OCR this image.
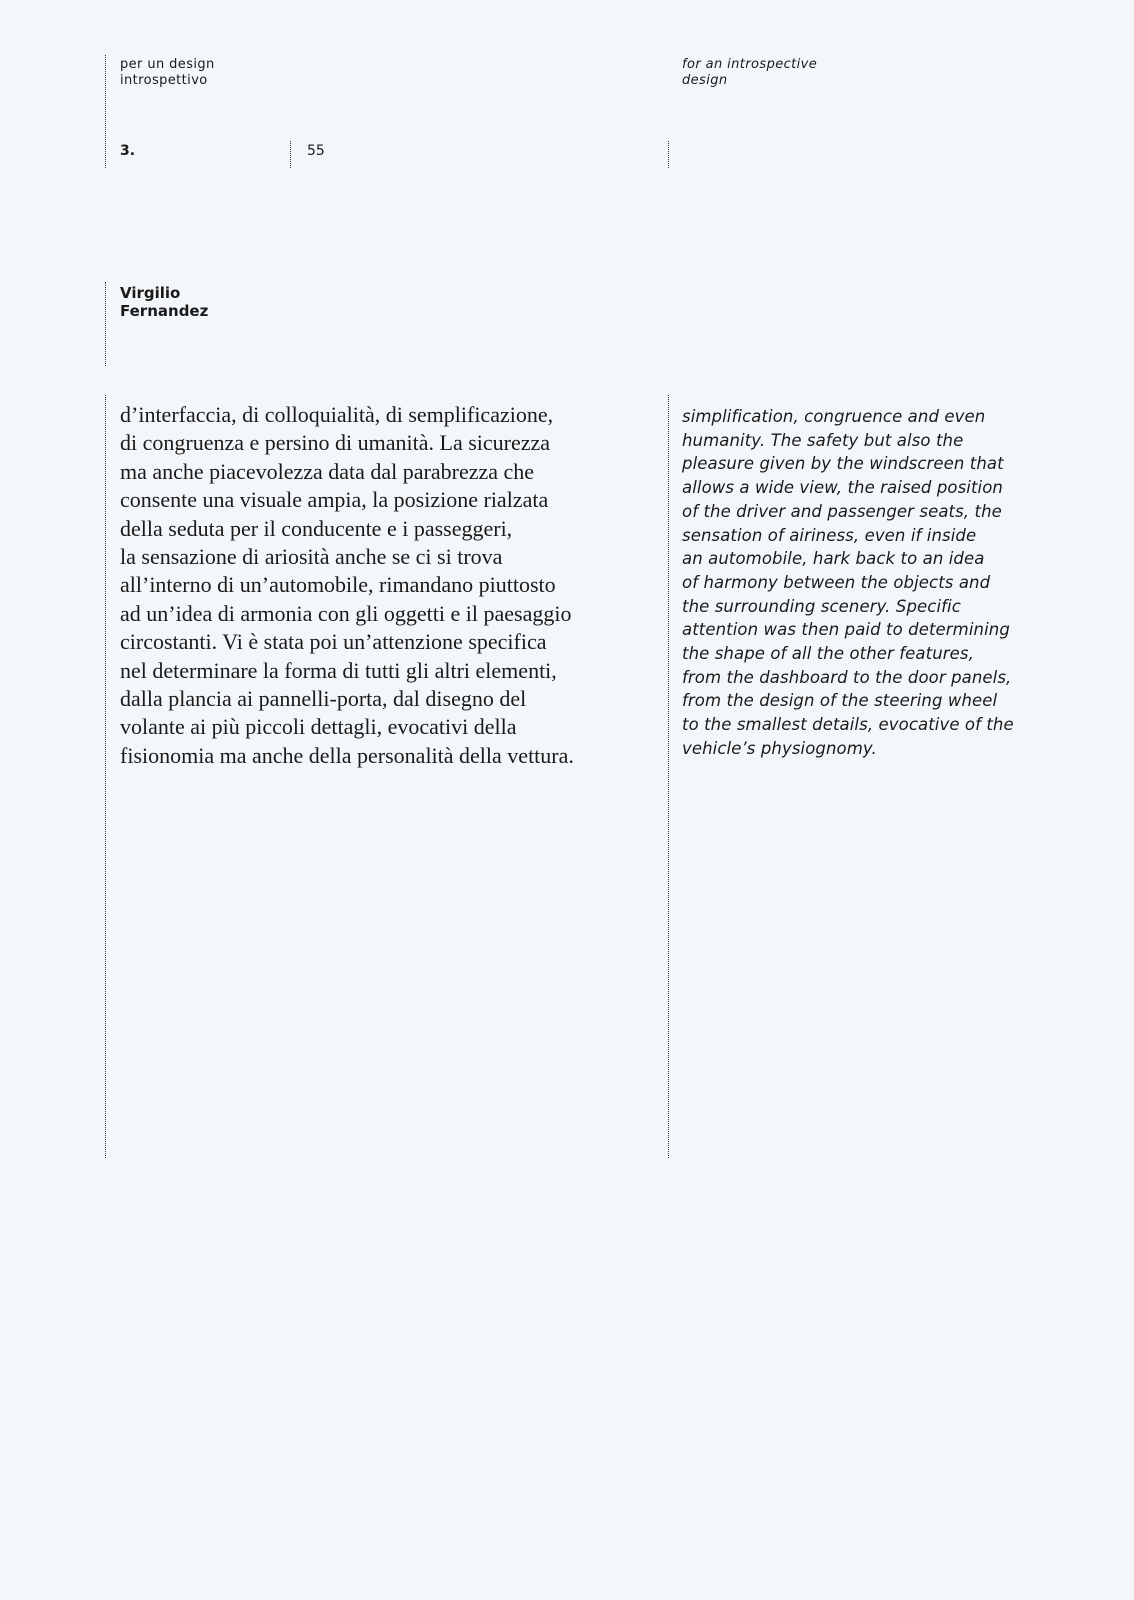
per un design
introspettivo
for an introspective
design
3.	55
Virgilio
Fernandez
d’interfaccia, di colloquialità, di semplificazione,
di congruenza e persino di umanità. La sicurezza
ma anche piacevolezza data dal parabrezza che
consente una visuale ampia, la posizione rialzata
della seduta per il conducente e i passeggeri,
la sensazione di ariosità anche se ci si trova
all’interno di un’automobile, rimandano piuttosto
ad un’idea di armonia con gli oggetti e il paesaggio
circostanti. Vi è stata poi un’attenzione specifica
nel determinare la forma di tutti gli altri elementi,
dalla plancia ai pannelli-porta, dal disegno del
volante ai più piccoli dettagli, evocativi della
fisionomia ma anche della personalità della vettura.
simplification, congruence and even
humanity. The safety but also the
pleasure given by the windscreen that
allows a wide view, the raised position
of the driver and passenger seats, the
sensation of airiness, even if inside
an automobile, hark back to an idea
of harmony between the objects and
the surrounding scenery. Specific
attention was then paid to determining
the shape of all the other features,
from the dashboard to the door panels,
from the design of the steering wheel
to the smallest details, evocative of the
vehicle’s physiognomy.
